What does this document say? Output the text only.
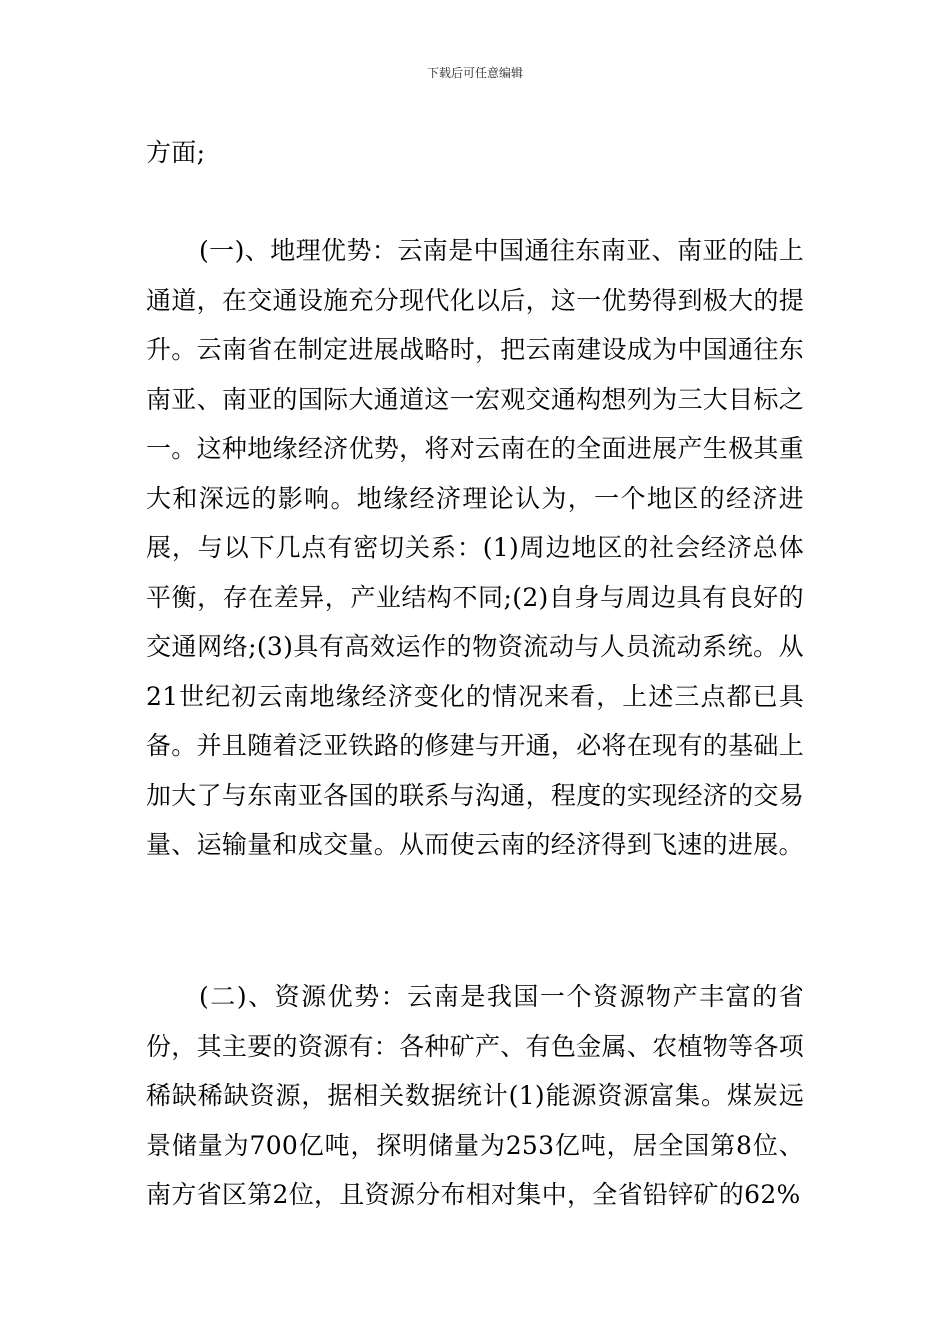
下载后可任意编辑

方面;

(一)、地理优势：云南是中国通往东南亚、南亚的陆上通道，在交通设施充分现代化以后，这一优势得到极大的提升。云南省在制定进展战略时，把云南建设成为中国通往东南亚、南亚的国际大通道这一宏观交通构想列为三大目标之一。这种地缘经济优势，将对云南在的全面进展产生极其重大和深远的影响。地缘经济理论认为，一个地区的经济进展，与以下几点有密切关系：(1)周边地区的社会经济总体平衡，存在差异，产业结构不同;(2)自身与周边具有良好的交通网络;(3)具有高效运作的物资流动与人员流动系统。从21世纪初云南地缘经济变化的情况来看，上述三点都已具备。并且随着泛亚铁路的修建与开通，必将在现有的基础上加大了与东南亚各国的联系与沟通，程度的实现经济的交易量、运输量和成交量。从而使云南的经济得到飞速的进展。

(二)、资源优势：云南是我国一个资源物产丰富的省份，其主要的资源有：各种矿产、有色金属、农植物等各项稀缺稀缺资源，据相关数据统计(1)能源资源富集。煤炭远景储量为700亿吨，探明储量为253亿吨，居全国第8位、南方省区第2位，且资源分布相对集中，全省铅锌矿的62%
